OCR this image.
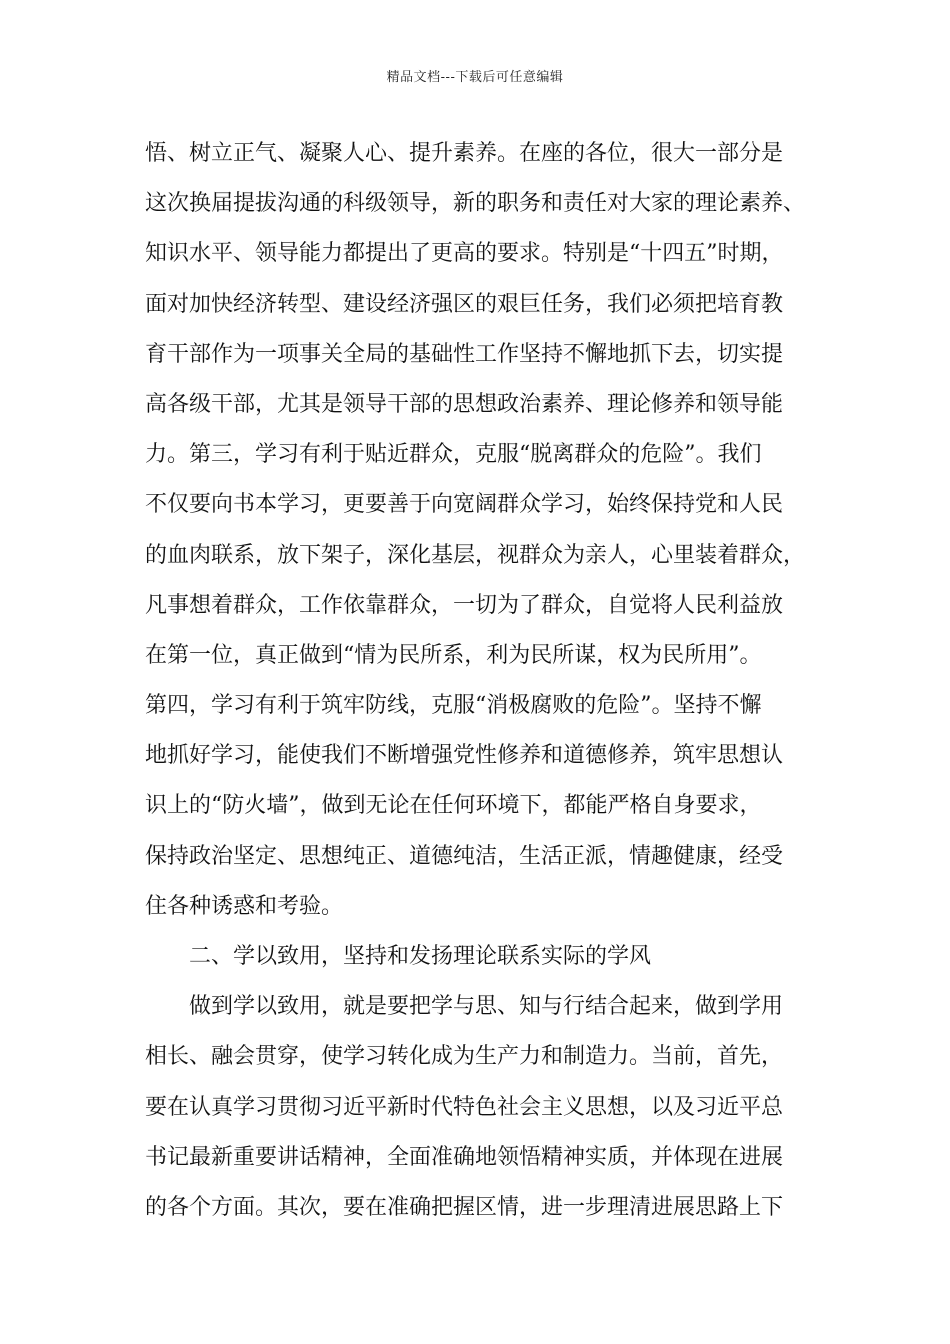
精品文档---下载后可任意编辑
悟、树立正气、凝聚人心、提升素养。在座的各位，很大一部分是
这次换届提拔沟通的科级领导，新的职务和责任对大家的理论素养、
知识水平、领导能力都提出了更高的要求。特别是“十四五”时期，
面对加快经济转型、建设经济强区的艰巨任务，我们必须把培育教
育干部作为一项事关全局的基础性工作坚持不懈地抓下去，切实提
高各级干部，尤其是领导干部的思想政治素养、理论修养和领导能
力。第三，学习有利于贴近群众，克服“脱离群众的危险”。我们
不仅要向书本学习，更要善于向宽阔群众学习，始终保持党和人民
的血肉联系，放下架子，深化基层，视群众为亲人，心里装着群众，
凡事想着群众，工作依靠群众，一切为了群众，自觉将人民利益放
在第一位，真正做到“情为民所系，利为民所谋，权为民所用”。
第四，学习有利于筑牢防线，克服“消极腐败的危险”。坚持不懈
地抓好学习，能使我们不断增强党性修养和道德修养，筑牢思想认
识上的“防火墙”，做到无论在任何环境下，都能严格自身要求，
保持政治坚定、思想纯正、道德纯洁，生活正派，情趣健康，经受
住各种诱惑和考验。
二、学以致用，坚持和发扬理论联系实际的学风
做到学以致用，就是要把学与思、知与行结合起来，做到学用
相长、融会贯穿，使学习转化成为生产力和制造力。当前，首先，
要在认真学习贯彻习近平新时代特色社会主义思想，以及习近平总
书记最新重要讲话精神，全面准确地领悟精神实质，并体现在进展
的各个方面。其次，要在准确把握区情，进一步理清进展思路上下
